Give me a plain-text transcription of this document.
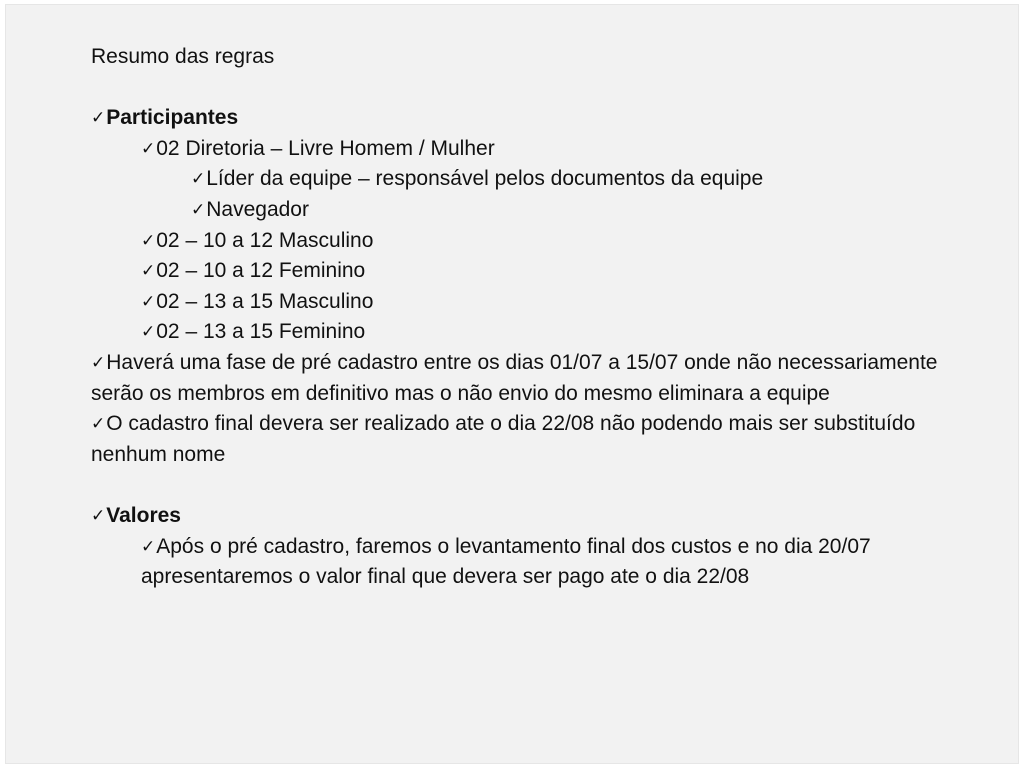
Resumo das regras
✓Participantes
✓02 Diretoria – Livre Homem / Mulher
✓Líder da equipe – responsável pelos documentos da equipe
✓Navegador
✓02 – 10 a 12 Masculino
✓02 – 10 a 12 Feminino
✓02 – 13 a 15 Masculino
✓02 – 13 a 15 Feminino
✓Haverá uma fase de pré cadastro entre os dias 01/07 a 15/07 onde não necessariamente serão os membros em definitivo mas o não envio do mesmo eliminara a equipe
✓O cadastro final devera ser realizado ate o dia 22/08 não podendo mais ser substituído nenhum nome
✓Valores
✓Após o pré cadastro, faremos o levantamento final dos custos e no dia 20/07 apresentaremos o valor final que devera ser pago ate o dia 22/08
